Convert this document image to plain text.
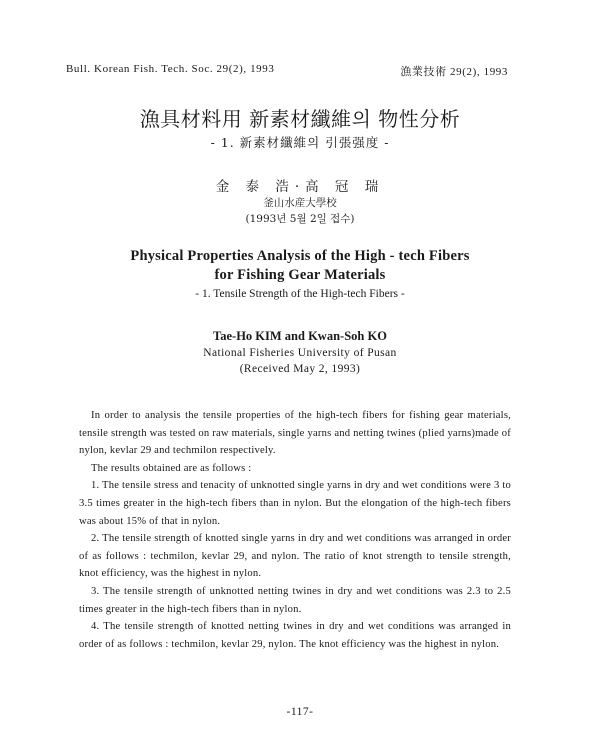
Bull. Korean Fish. Tech. Soc. 29(2), 1993	漁業技術 29(2), 1993
漁具材料用 新素材纖維의 物性分析
- 1. 新素材纖維의 引張强度 -
金 泰 浩·高 冠 瑞
釜山水産大學校
(1993년 5월 2일 접수)
Physical Properties Analysis of the High - tech Fibers
for Fishing Gear Materials
- 1. Tensile Strength of the High-tech Fibers -
Tae-Ho KIM and Kwan-Soh KO
National Fisheries University of Pusan
(Received May 2, 1993)

In order to analysis the tensile properties of the high-tech fibers for fishing gear materials, tensile strength was tested on raw materials, single yarns and netting twines (plied yarns)made of nylon, kevlar 29 and techmilon respectively.

The results obtained are as follows :

1. The tensile stress and tenacity of unknotted single yarns in dry and wet conditions were 3 to 3.5 times greater in the high-tech fibers than in nylon. But the elongation of the high-tech fibers was about 15% of that in nylon.

2. The tensile strength of knotted single yarns in dry and wet conditions was arranged in order of as follows : techmilon, kevlar 29, and nylon. The ratio of knot strength to tensile strength, knot efficiency, was the highest in nylon.

3. The tensile strength of unknotted netting twines in dry and wet conditions was 2.3 to 2.5 times greater in the high-tech fibers than in nylon.

4. The tensile strength of knotted netting twines in dry and wet conditions was arranged in order of as follows : techmilon, kevlar 29, nylon. The knot efficiency was the highest in nylon.

-117-
